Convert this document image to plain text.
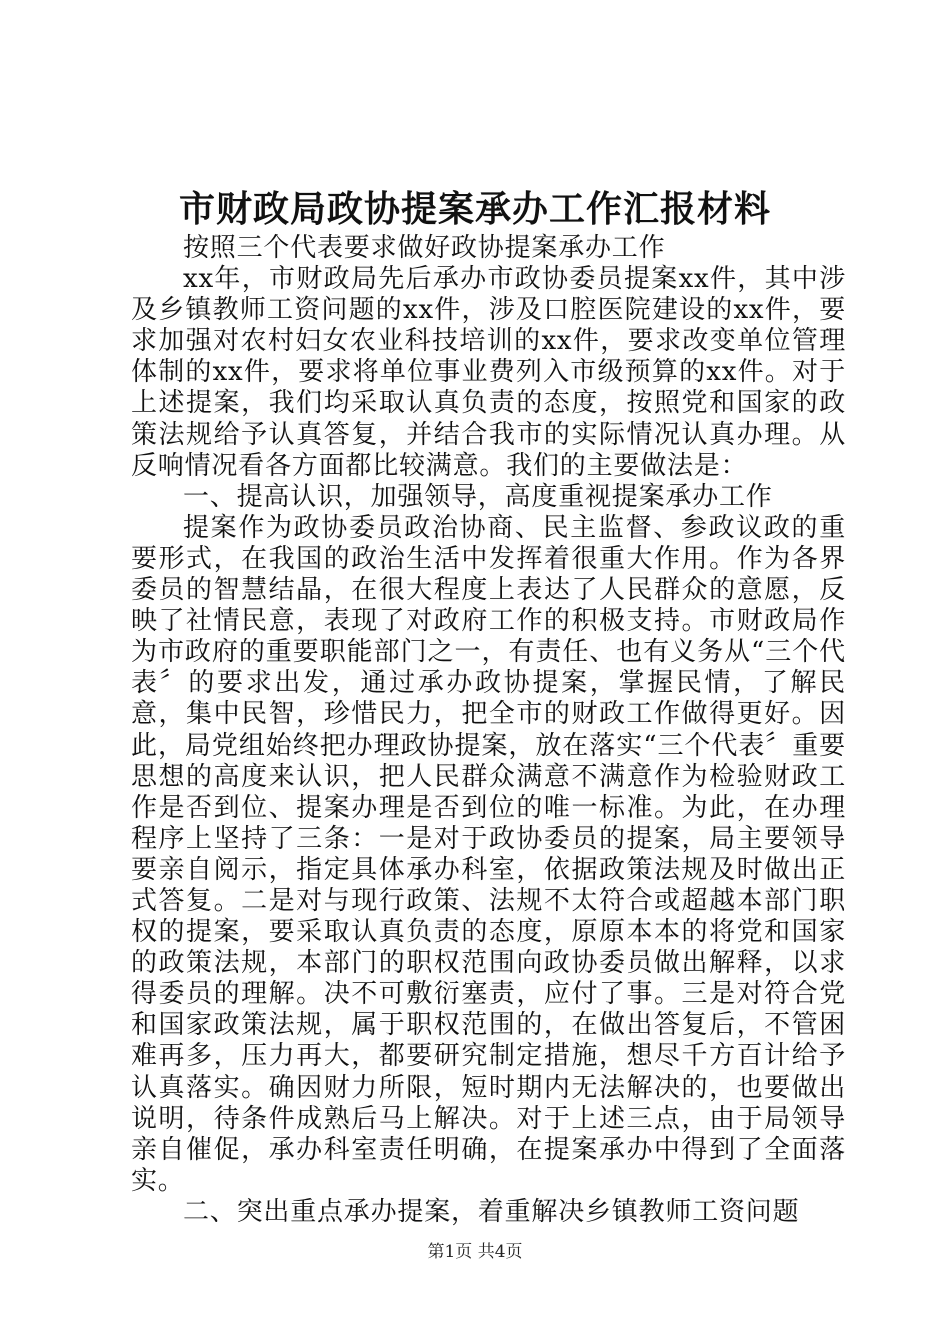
市财政局政协提案承办工作汇报材料

按照三个代表要求做好政协提案承办工作

xx年，市财政局先后承办市政协委员提案xx件，其中涉及乡镇教师工资问题的xx件，涉及口腔医院建设的xx件，要求加强对农村妇女农业科技培训的xx件，要求改变单位管理体制的xx件，要求将单位事业费列入市级预算的xx件。对于上述提案，我们均采取认真负责的态度，按照党和国家的政策法规给予认真答复，并结合我市的实际情况认真办理。从反响情况看各方面都比较满意。我们的主要做法是：

一、提高认识，加强领导，高度重视提案承办工作

提案作为政协委员政治协商、民主监督、参政议政的重要形式，在我国的政治生活中发挥着很重大作用。作为各界委员的智慧结晶，在很大程度上表达了人民群众的意愿，反映了社情民意，表现了对政府工作的积极支持。市财政局作为市政府的重要职能部门之一，有责任、也有义务从“三个代表〞的要求出发，通过承办政协提案，掌握民情，了解民意，集中民智，珍惜民力，把全市的财政工作做得更好。因此，局党组始终把办理政协提案，放在落实“三个代表〞重要思想的高度来认识，把人民群众满意不满意作为检验财政工作是否到位、提案办理是否到位的唯一标准。为此，在办理程序上坚持了三条：一是对于政协委员的提案，局主要领导要亲自阅示，指定具体承办科室，依据政策法规及时做出正式答复。二是对与现行政策、法规不太符合或超越本部门职权的提案，要采取认真负责的态度，原原本本的将党和国家的政策法规，本部门的职权范围向政协委员做出解释，以求得委员的理解。决不可敷衍塞责，应付了事。三是对符合党和国家政策法规，属于职权范围的，在做出答复后，不管困难再多，压力再大，都要研究制定措施，想尽千方百计给予认真落实。确因财力所限，短时期内无法解决的，也要做出说明，待条件成熟后马上解决。对于上述三点，由于局领导亲自催促，承办科室责任明确，在提案承办中得到了全面落实。

二、突出重点承办提案，着重解决乡镇教师工资问题

第1页 共4页
